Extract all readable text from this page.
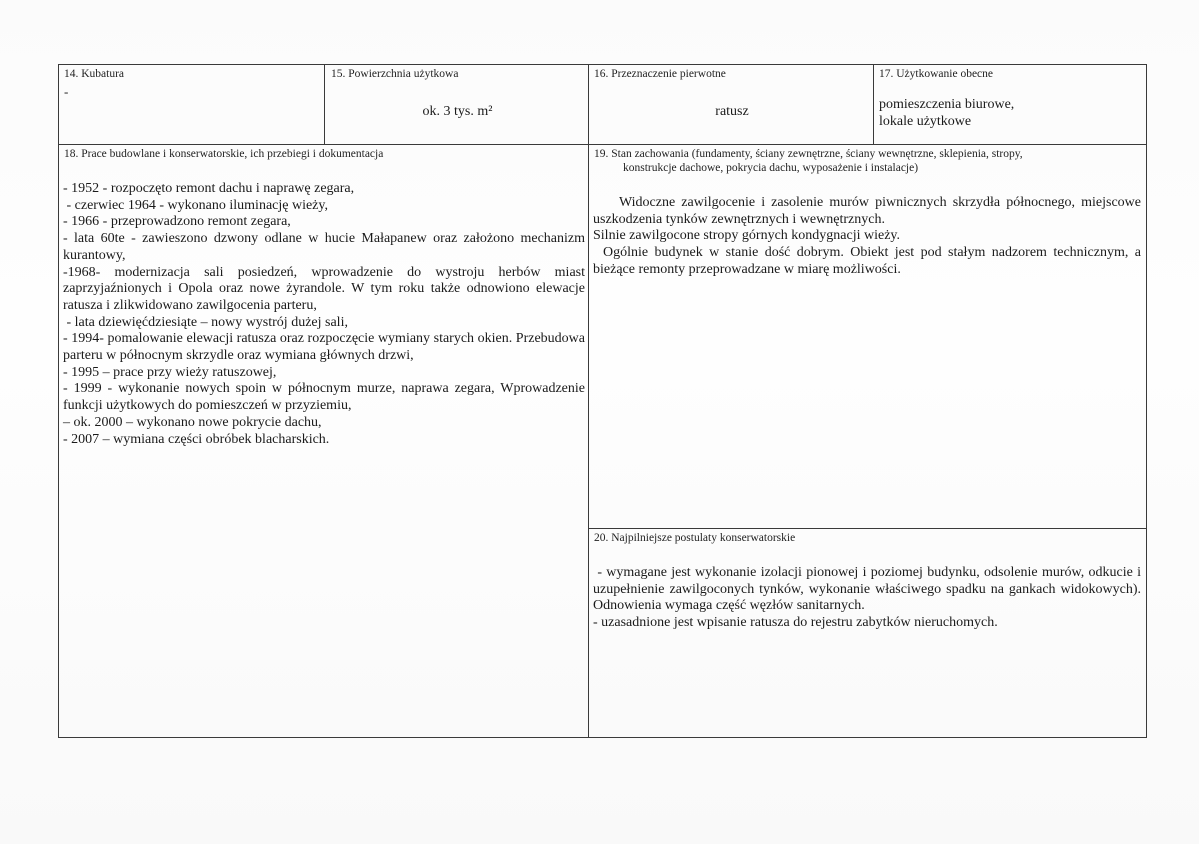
14. Kubatura
-
15. Powierzchnia użytkowa
ok. 3 tys. m²
16. Przeznaczenie pierwotne
ratusz
17. Użytkowanie obecne

pomieszczenia biurowe,

lokale użytkowe

18. Prace budowlane i konserwatorskie, ich przebiegi i dokumentacja

- 1952 - rozpoczęto remont dachu i naprawę zegara,

- czerwiec 1964 - wykonano iluminację wieży,

- 1966 - przeprowadzono remont zegara,

- lata 60te - zawieszono dzwony odlane w hucie Małapanew oraz założono mechanizm kurantowy,

-1968- modernizacja sali posiedzeń, wprowadzenie do wystroju herbów miast zaprzyjaźnionych i Opola oraz nowe żyrandole. W tym roku także odnowiono elewacje ratusza i zlikwidowano zawilgocenia parteru,

- lata dziewięćdziesiąte – nowy wystrój dużej sali,

- 1994- pomalowanie elewacji ratusza oraz rozpoczęcie wymiany starych okien. Przebudowa parteru w północnym skrzydle oraz wymiana głównych drzwi,

- 1995 – prace przy wieży ratuszowej,

- 1999 - wykonanie nowych spoin w północnym murze, naprawa zegara, Wprowadzenie funkcji użytkowych do pomieszczeń w przyziemiu,

– ok. 2000 – wykonano nowe pokrycie dachu,

- 2007 – wymiana części obróbek blacharskich.

19. Stan zachowania (fundamenty, ściany zewnętrzne, ściany wewnętrzne, sklepienia, stropy,
konstrukcje dachowe, pokrycia dachu, wyposażenie i instalacje)

Widoczne zawilgocenie i zasolenie murów piwnicznych skrzydła północnego, miejscowe uszkodzenia tynków zewnętrznych i wewnętrznych.

Silnie zawilgocone stropy górnych kondygnacji wieży.

Ogólnie budynek w stanie dość dobrym. Obiekt jest pod stałym nadzorem technicznym, a bieżące remonty przeprowadzane w miarę możliwości.

20. Najpilniejsze postulaty konserwatorskie

- wymagane jest wykonanie izolacji pionowej i poziomej budynku, odsolenie murów, odkucie i uzupełnienie zawilgoconych tynków, wykonanie właściwego spadku na gankach widokowych). Odnowienia wymaga część węzłów sanitarnych.

- uzasadnione jest wpisanie ratusza do rejestru zabytków nieruchomych.
